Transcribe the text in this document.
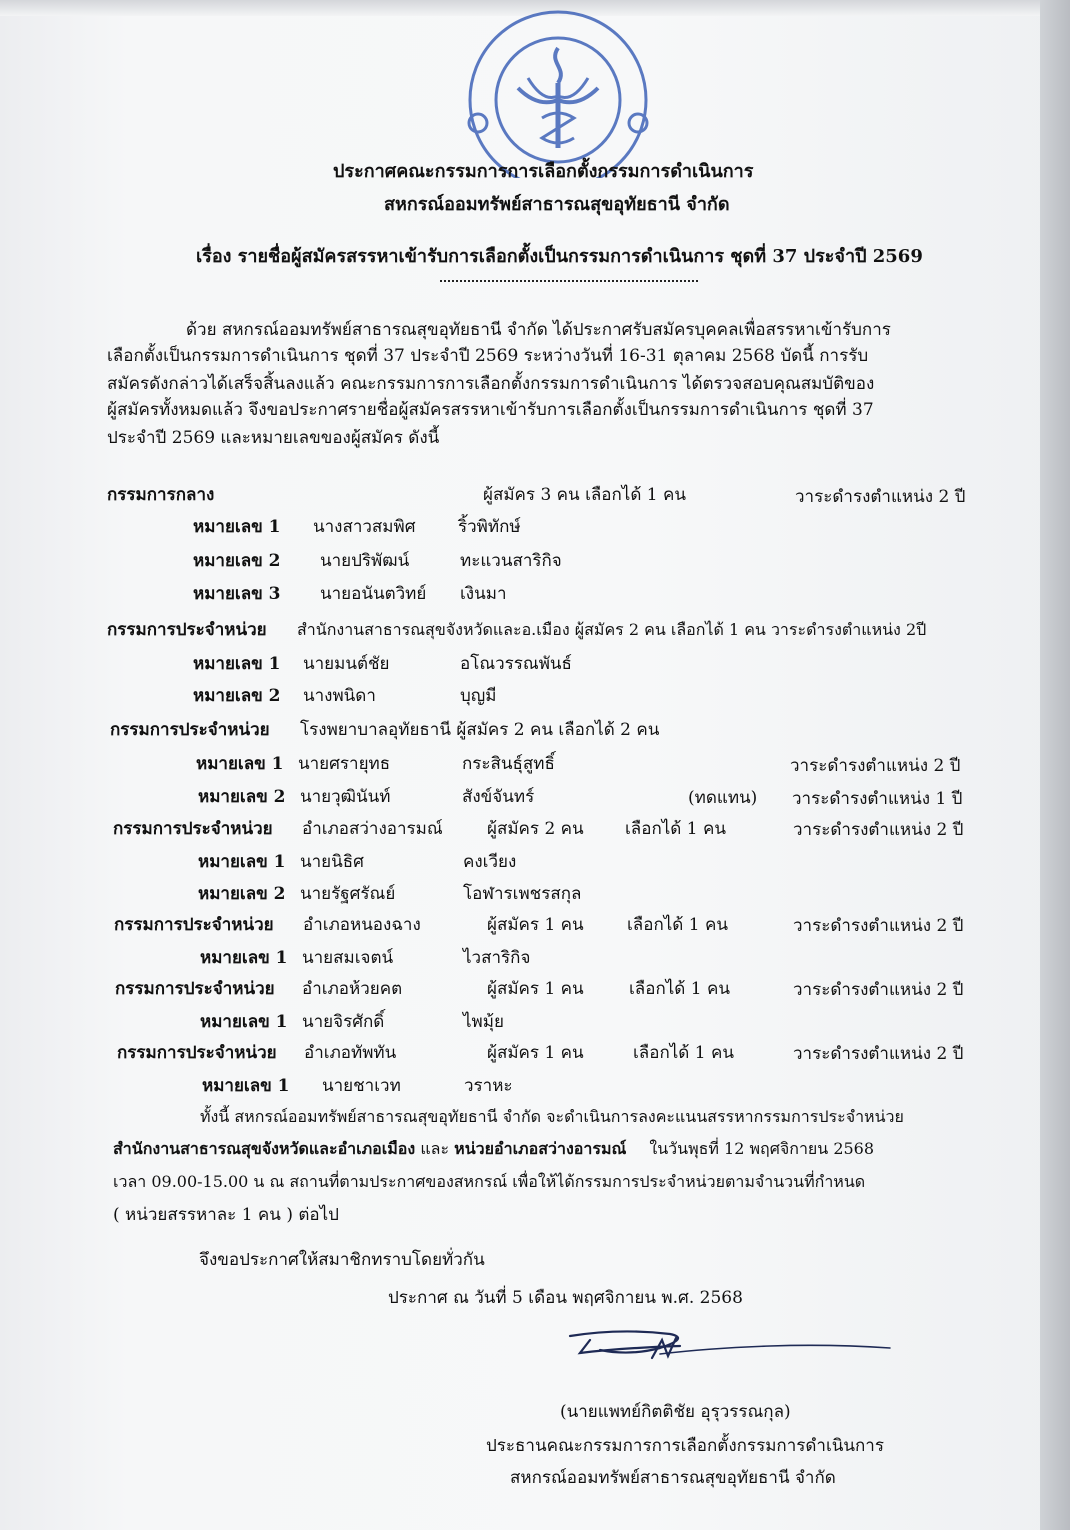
ประกาศคณะกรรมการการเลือกตั้งกรรมการดำเนินการ
สหกรณ์ออมทรัพย์สาธารณสุขอุทัยธานี จำกัด
เรื่อง รายชื่อผู้สมัครสรรหาเข้ารับการเลือกตั้งเป็นกรรมการดำเนินการ ชุดที่ 37 ประจำปี 2569
ด้วย สหกรณ์ออมทรัพย์สาธารณสุขอุทัยธานี จำกัด ได้ประกาศรับสมัครบุคคลเพื่อสรรหาเข้ารับการ
เลือกตั้งเป็นกรรมการดำเนินการ ชุดที่ 37 ประจำปี 2569 ระหว่างวันที่ 16-31 ตุลาคม 2568 บัดนี้ การรับ
สมัครดังกล่าวได้เสร็จสิ้นลงแล้ว คณะกรรมการการเลือกตั้งกรรมการดำเนินการ ได้ตรวจสอบคุณสมบัติของ
ผู้สมัครทั้งหมดแล้ว จึงขอประกาศรายชื่อผู้สมัครสรรหาเข้ารับการเลือกตั้งเป็นกรรมการดำเนินการ ชุดที่ 37
ประจำปี 2569 และหมายเลขของผู้สมัคร ดังนี้
กรรมการกลาง	ผู้สมัคร 3 คน เลือกได้ 1 คน	วาระดำรงตำแหน่ง 2 ปี
หมายเลข 1 นางสาวสมพิศ ริ้วพิทักษ์
หมายเลข 2 นายปริพัฒน์	ทะแวนสาริกิจ
หมายเลข 3 นายอนันตวิทย์ เงินมา
กรรมการประจำหน่วย สำนักงานสาธารณสุขจังหวัดและอ.เมือง ผู้สมัคร 2 คน เลือกได้ 1 คน วาระดำรงตำแหน่ง 2ปี
หมายเลข 1 นายมนต์ชัย	อโณวรรณพันธ์
หมายเลข 2 นางพนิดา	บุญมี
กรรมการประจำหน่วย โรงพยาบาลอุทัยธานี ผู้สมัคร 2 คน เลือกได้ 2 คน
หมายเลข 1 นายศรายุทธ	กระสินธุ์สูทธิ์	วาระดำรงตำแหน่ง 2 ปี
หมายเลข 2 นายวุฒินันท์	สังข์จันทร์	(ทดแทน) วาระดำรงตำแหน่ง 1 ปี
กรรมการประจำหน่วย อำเภอสว่างอารมณ์	ผู้สมัคร 2 คน เลือกได้ 1 คน	วาระดำรงตำแหน่ง 2 ปี
หมายเลข 1 นายนิธิศ	คงเวียง
หมายเลข 2 นายรัฐศรัณย์	โอฬารเพชรสกุล
กรรมการประจำหน่วย อำเภอหนองฉาง	ผู้สมัคร 1 คน	เลือกได้ 1 คน	วาระดำรงตำแหน่ง 2 ปี
หมายเลข 1 นายสมเจตน์	ไวสาริกิจ
กรรมการประจำหน่วย อำเภอห้วยคต	ผู้สมัคร 1 คน	เลือกได้ 1 คน	วาระดำรงตำแหน่ง 2 ปี
หมายเลข 1 นายจิรศักดิ์	ไพมุ้ย
กรรมการประจำหน่วย อำเภอทัพทัน	ผู้สมัคร 1 คน	เลือกได้ 1 คน	วาระดำรงตำแหน่ง 2 ปี
หมายเลข 1 นายชาเวท	วราหะ
ทั้งนี้ สหกรณ์ออมทรัพย์สาธารณสุขอุทัยธานี จำกัด จะดำเนินการลงคะแนนสรรหากรรมการประจำหน่วย
สำนักงานสาธารณสุขจังหวัดและอำเภอเมือง และ หน่วยอำเภอสว่างอารมณ์ ในวันพุธที่ 12 พฤศจิกายน 2568
เวลา 09.00-15.00 น ณ สถานที่ตามประกาศของสหกรณ์ เพื่อให้ได้กรรมการประจำหน่วยตามจำนวนที่กำหนด
( หน่วยสรรหาละ 1 คน ) ต่อไป
จึงขอประกาศให้สมาชิกทราบโดยทั่วกัน
ประกาศ ณ วันที่ 5 เดือน พฤศจิกายน พ.ศ. 2568
(นายแพทย์กิตติชัย อุรุวรรณกุล)
ประธานคณะกรรมการการเลือกตั้งกรรมการดำเนินการ
สหกรณ์ออมทรัพย์สาธารณสุขอุทัยธานี จำกัด
